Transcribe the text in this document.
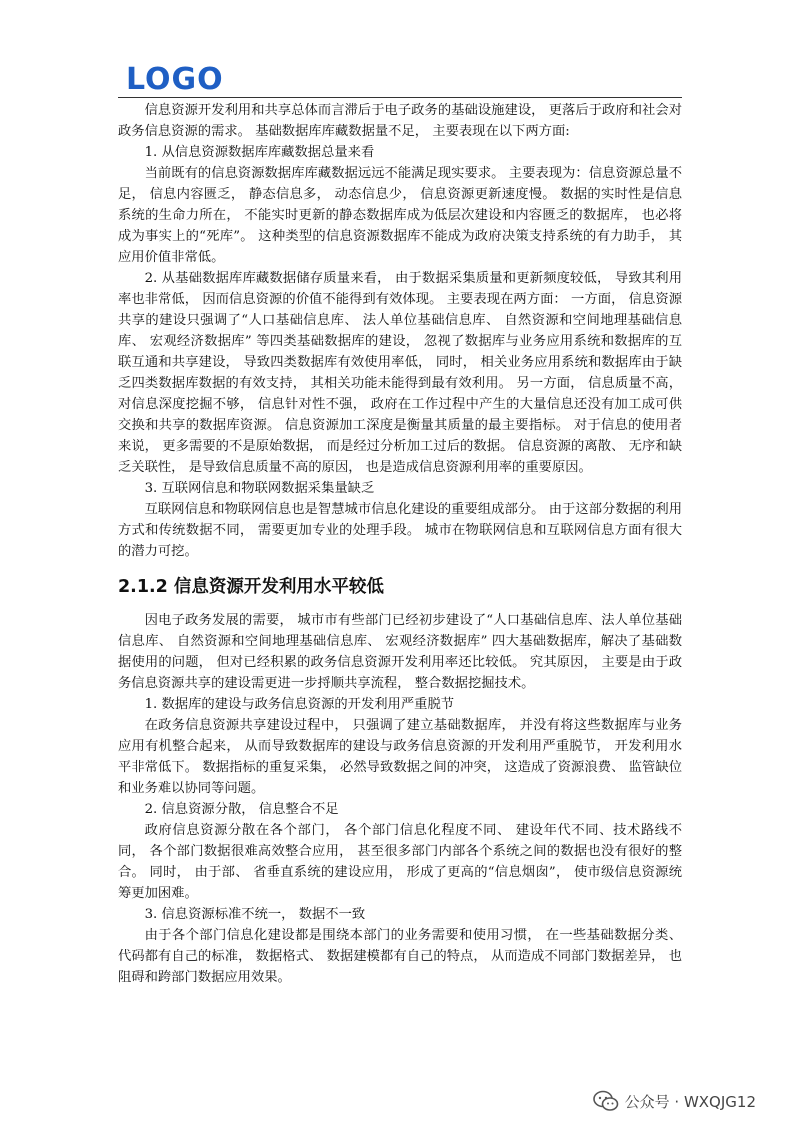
LOGO

信息资源开发利用和共享总体而言滞后于电子政务的基础设施建设， 更落后于政府和社会对政务信息资源的需求。 基础数据库库藏数据量不足， 主要表现在以下两方面:

1. 从信息资源数据库库藏数据总量来看

当前既有的信息资源数据库库藏数据远远不能满足现实要求。 主要表现为：信息资源总量不足， 信息内容匮乏， 静态信息多， 动态信息少， 信息资源更新速度慢。 数据的实时性是信息系统的生命力所在， 不能实时更新的静态数据库成为低层次建设和内容匮乏的数据库， 也必将成为事实上的“死库”。 这种类型的信息资源数据库不能成为政府决策支持系统的有力助手， 其应用价值非常低。

2. 从基础数据库库藏数据储存质量来看， 由于数据采集质量和更新频度较低， 导致其利用率也非常低， 因而信息资源的价值不能得到有效体现。 主要表现在两方面： 一方面， 信息资源共享的建设只强调了“人口基础信息库、 法人单位基础信息库、 自然资源和空间地理基础信息库、 宏观经济数据库” 等四类基础数据库的建设， 忽视了数据库与业务应用系统和数据库的互联互通和共享建设， 导致四类数据库有效使用率低， 同时， 相关业务应用系统和数据库由于缺乏四类数据库数据的有效支持， 其相关功能未能得到最有效利用。 另一方面， 信息质量不高， 对信息深度挖掘不够， 信息针对性不强， 政府在工作过程中产生的大量信息还没有加工成可供交换和共享的数据库资源。 信息资源加工深度是衡量其质量的最主要指标。 对于信息的使用者来说， 更多需要的不是原始数据， 而是经过分析加工过后的数据。 信息资源的离散、 无序和缺乏关联性， 是导致信息质量不高的原因， 也是造成信息资源利用率的重要原因。

3. 互联网信息和物联网数据采集量缺乏

互联网信息和物联网信息也是智慧城市信息化建设的重要组成部分。 由于这部分数据的利用方式和传统数据不同， 需要更加专业的处理手段。 城市在物联网信息和互联网信息方面有很大的潜力可挖。

2.1.2 信息资源开发利用水平较低

因电子政务发展的需要， 城市市有些部门已经初步建设了“人口基础信息库、法人单位基础信息库、 自然资源和空间地理基础信息库、 宏观经济数据库” 四大基础数据库，解决了基础数据使用的问题， 但对已经积累的政务信息资源开发利用率还比较低。 究其原因， 主要是由于政务信息资源共享的建设需更进一步捋顺共享流程， 整合数据挖掘技术。

1. 数据库的建设与政务信息资源的开发利用严重脱节

在政务信息资源共享建设过程中， 只强调了建立基础数据库， 并没有将这些数据库与业务应用有机整合起来， 从而导致数据库的建设与政务信息资源的开发利用严重脱节， 开发利用水平非常低下。 数据指标的重复采集， 必然导致数据之间的冲突， 这造成了资源浪费、 监管缺位和业务难以协同等问题。

2. 信息资源分散， 信息整合不足

政府信息资源分散在各个部门， 各个部门信息化程度不同、 建设年代不同、技术路线不同， 各个部门数据很难高效整合应用， 甚至很多部门内部各个系统之间的数据也没有很好的整合。 同时， 由于部、 省垂直系统的建设应用， 形成了更高的“信息烟囱”， 使市级信息资源统筹更加困难。

3. 信息资源标准不统一， 数据不一致

由于各个部门信息化建设都是围绕本部门的业务需要和使用习惯， 在一些基础数据分类、 代码都有自己的标准， 数据格式、 数据建模都有自己的特点， 从而造成不同部门数据差异， 也阻碍和跨部门数据应用效果。

公众号 · WXQJG12
